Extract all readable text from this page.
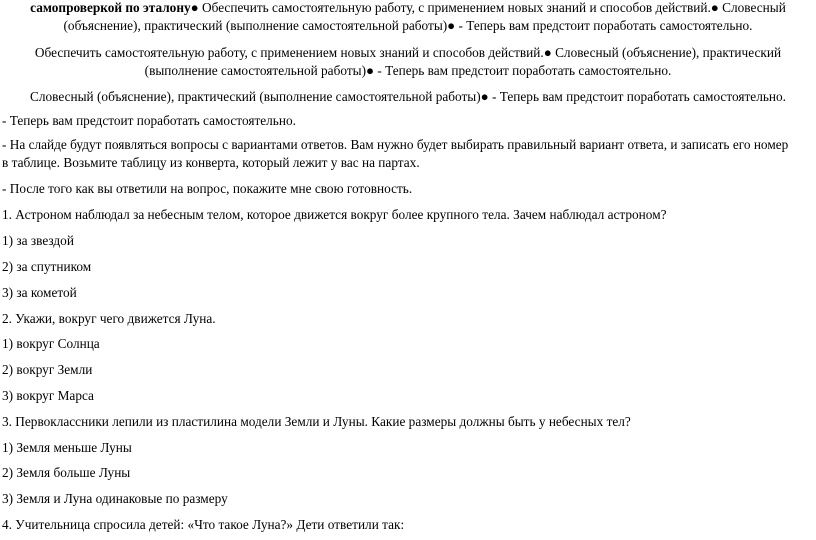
самопроверкой по эталону● Обеспечить самостоятельную работу, с применением новых знаний и способов действий.● Словесный

(объяснение), практический (выполнение самостоятельной работы)● - Теперь вам предстоит поработать самостоятельно.

Обеспечить самостоятельную работу, с применением новых знаний и способов действий.● Словесный (объяснение), практический

(выполнение самостоятельной работы)● - Теперь вам предстоит поработать самостоятельно.

Словесный (объяснение), практический (выполнение самостоятельной работы)● - Теперь вам предстоит поработать самостоятельно.

- Теперь вам предстоит поработать самостоятельно.

- На слайде будут появляться вопросы с вариантами ответов. Вам нужно будет выбирать правильный вариант ответа, и записать его номер

в таблице. Возьмите таблицу из конверта, который лежит у вас на партах.

- После того как вы ответили на вопрос, покажите мне свою готовность.

1. Астроном наблюдал за небесным телом, которое движется вокруг более крупного тела. Зачем наблюдал астроном?

1) за звездой

2) за спутником

3) за кометой

2. Укажи, вокруг чего движется Луна.

1) вокруг Солнца

2) вокруг Земли

3) вокруг Марса

3. Первоклассники лепили из пластилина модели Земли и Луны. Какие размеры должны быть у небесных тел?

1) Земля меньше Луны

2) Земля больше Луны

3) Земля и Луна одинаковые по размеру

4. Учительница спросила детей: «Что такое Луна?» Дети ответили так:
